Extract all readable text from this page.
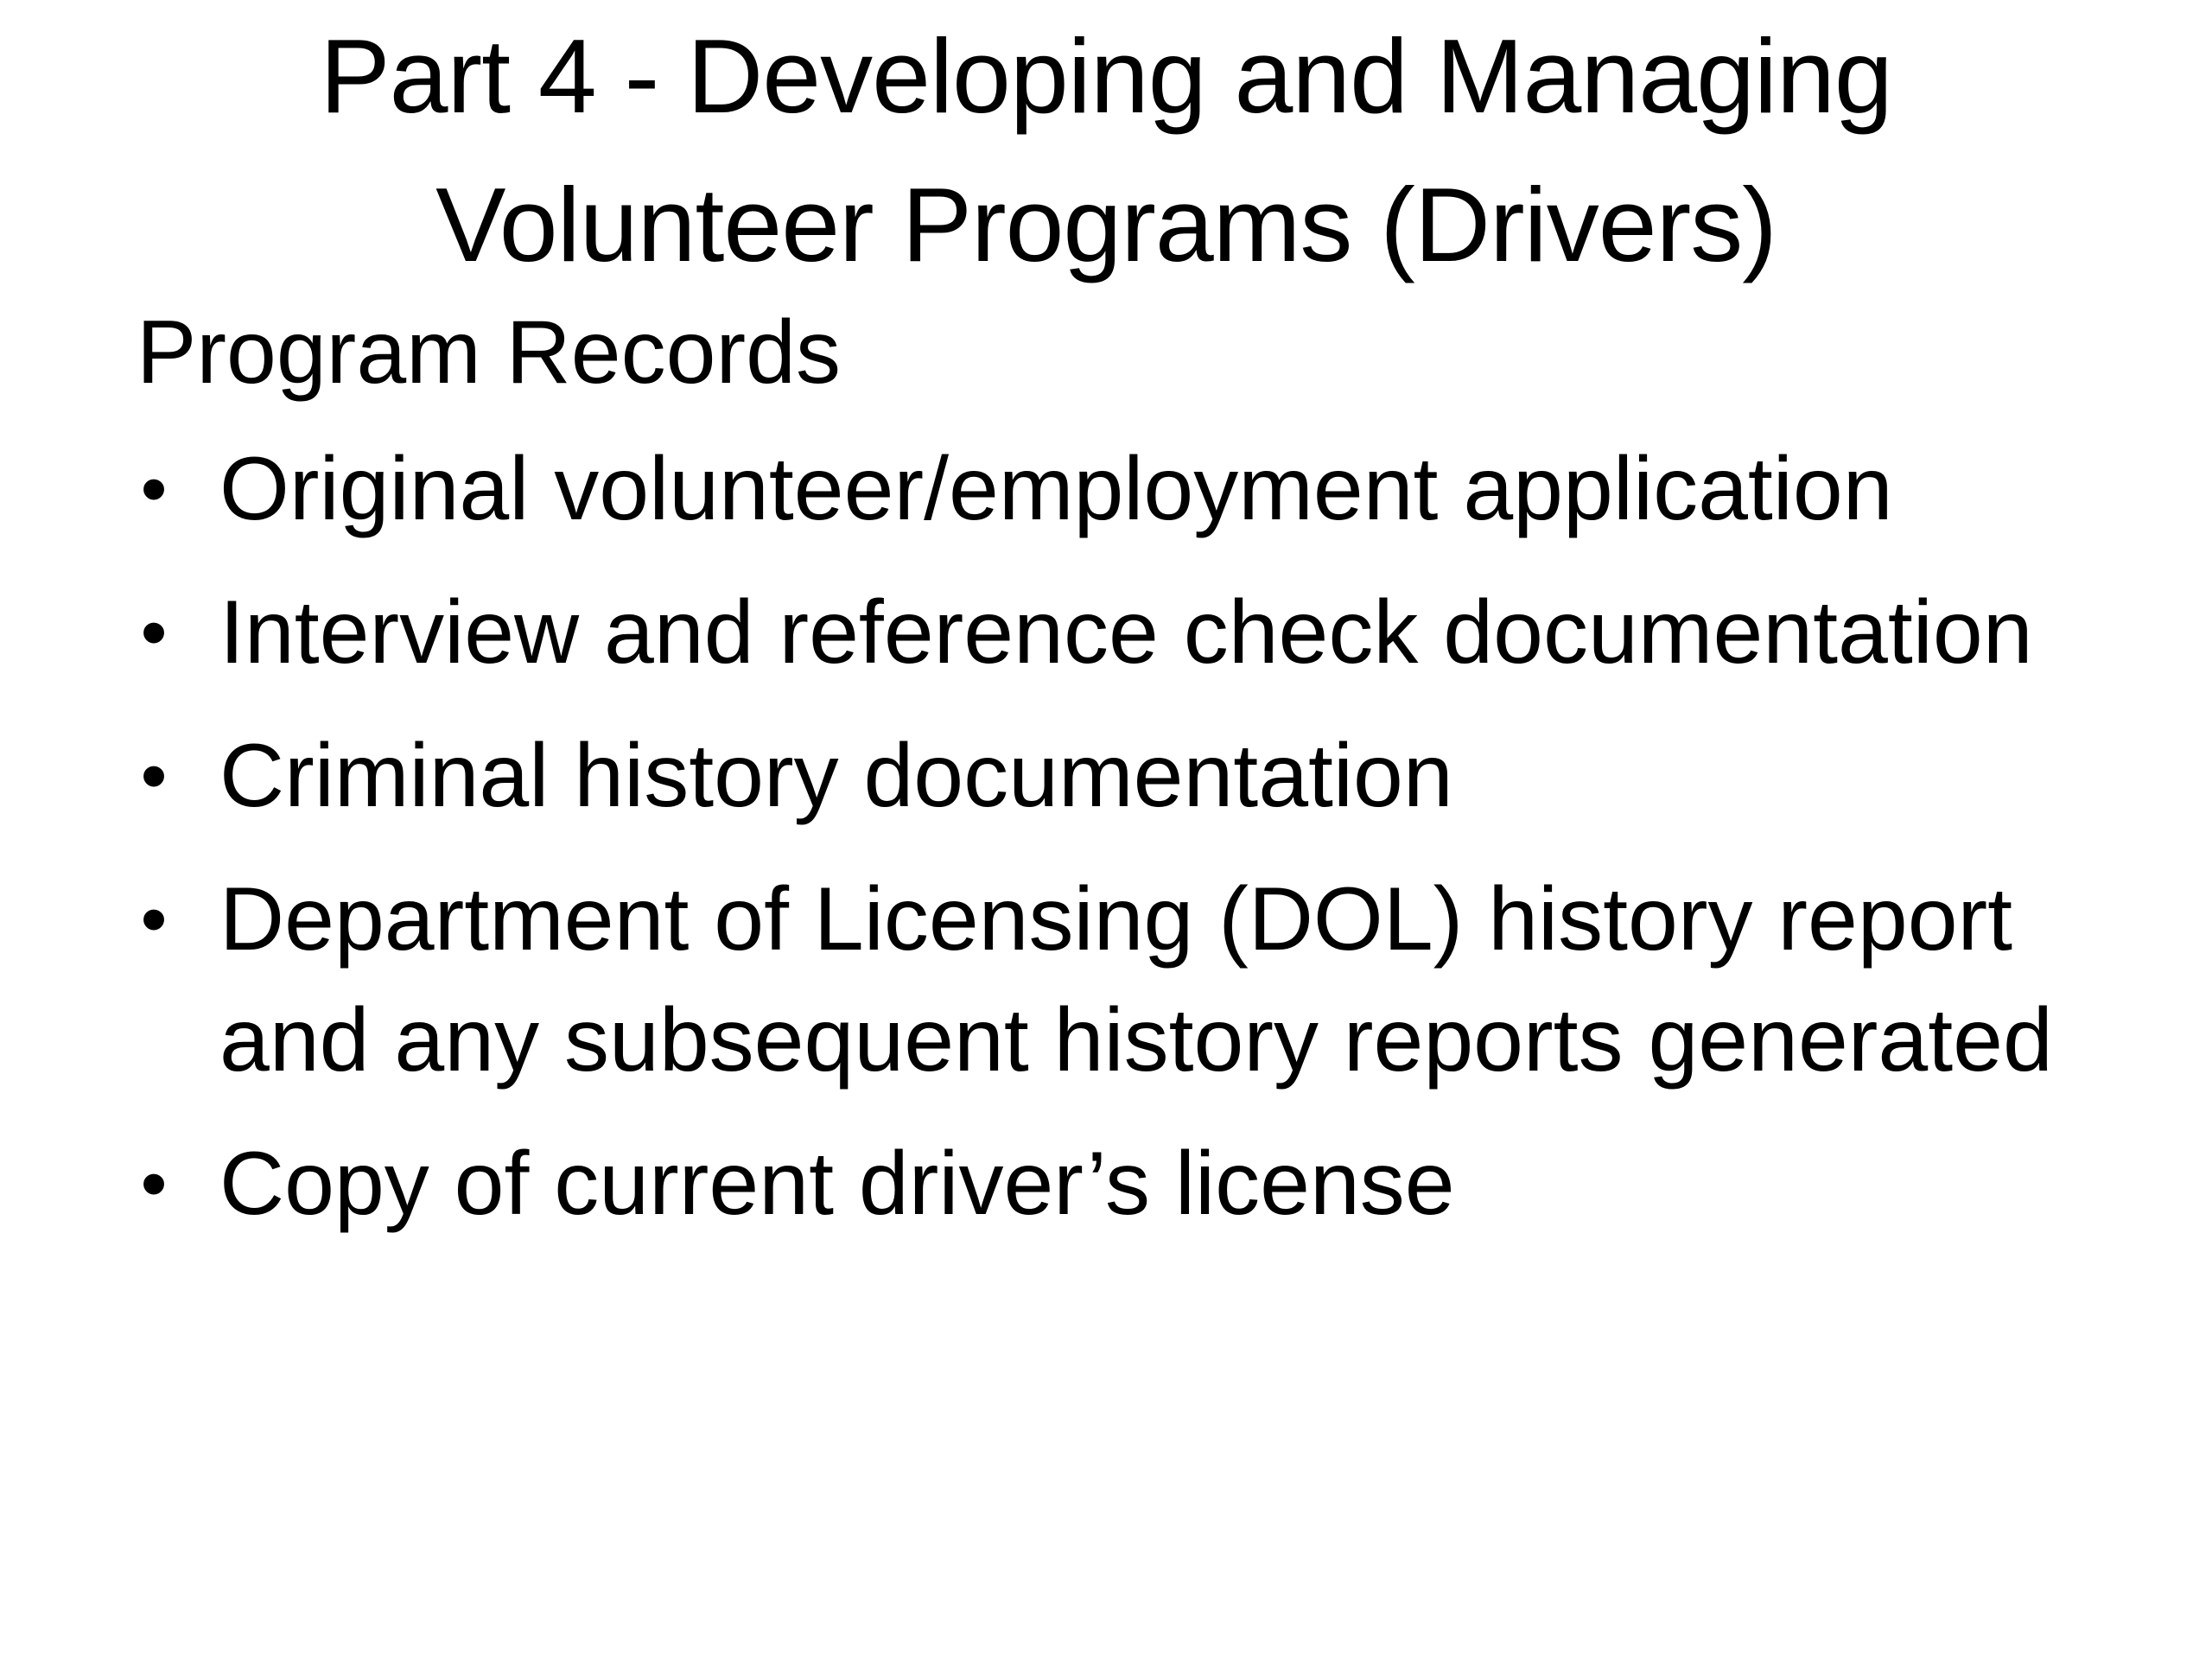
Part 4 - Developing and Managing
Volunteer Programs (Drivers)
Program Records
• Original volunteer/employment application
• Interview and reference check documentation
• Criminal history documentation
• Department of Licensing (DOL) history report
and any subsequent history reports generated
• Copy of current driver’s license
